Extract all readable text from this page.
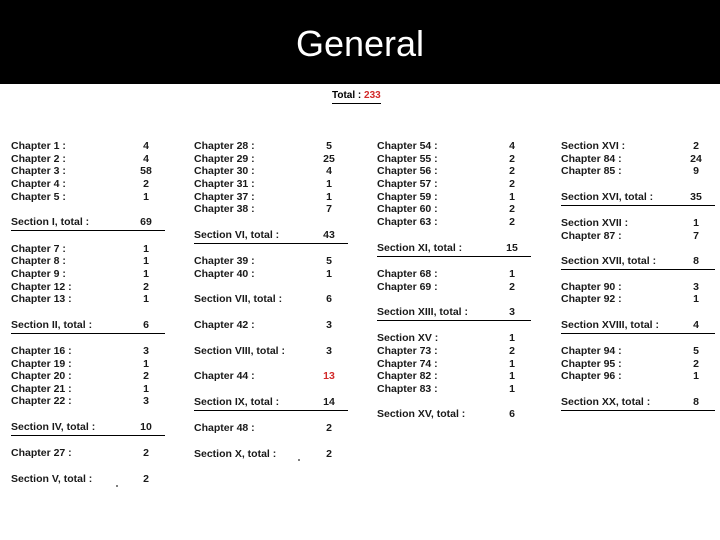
General
Total : 233
Chapter 1 :	4
Chapter 2 :	4
Chapter 3 :	58
Chapter 4 :	2
Chapter 5 :	1
Section I, total :	69
Chapter 7 :	1
Chapter 8 :	1
Chapter 9 :	1
Chapter 12 :	2
Chapter 13 :	1
Section II, total :	6
Chapter 16 :	3
Chapter 19 :	1
Chapter 20 :	2
Chapter 21 :	1
Chapter 22 :	3
Section IV, total :	10
Chapter 27 :	2
Section V, total :	2
Chapter 28 :	5
Chapter 29 :	25
Chapter 30 :	4
Chapter 31 :	1
Chapter 37 :	1
Chapter 38 :	7
Section VI, total :	43
Chapter 39 :	5
Chapter 40 :	1
Section VII, total :	6
Chapter 42 :	3
Section VIII, total :	3
Chapter 44 :	13
Section IX, total :	14
Chapter 48 :	2
Section X, total :	2
Chapter 54 :	4
Chapter 55 :	2
Chapter 56 :	2
Chapter 57 :	2
Chapter 59 :	1
Chapter 60 :	2
Chapter 63 :	2
Section XI, total :	15
Chapter 68 :	1
Chapter 69 :	2
Section XIII, total :	3
Section XV :	1
Chapter 73 :	2
Chapter 74 :	1
Chapter 82 :	1
Chapter 83 :	1
Section XV, total :	6
Section XVI :	2
Chapter 84 :	24
Chapter 85 :	9
Section XVI, total :	35
Section XVII :	1
Chapter 87 :	7
Section XVII, total :	8
Chapter 90 :	3
Chapter 92 :	1
Section XVIII, total :	4
Chapter 94 :	5
Chapter 95 :	2
Chapter 96 :	1
Section XX, total :	8
